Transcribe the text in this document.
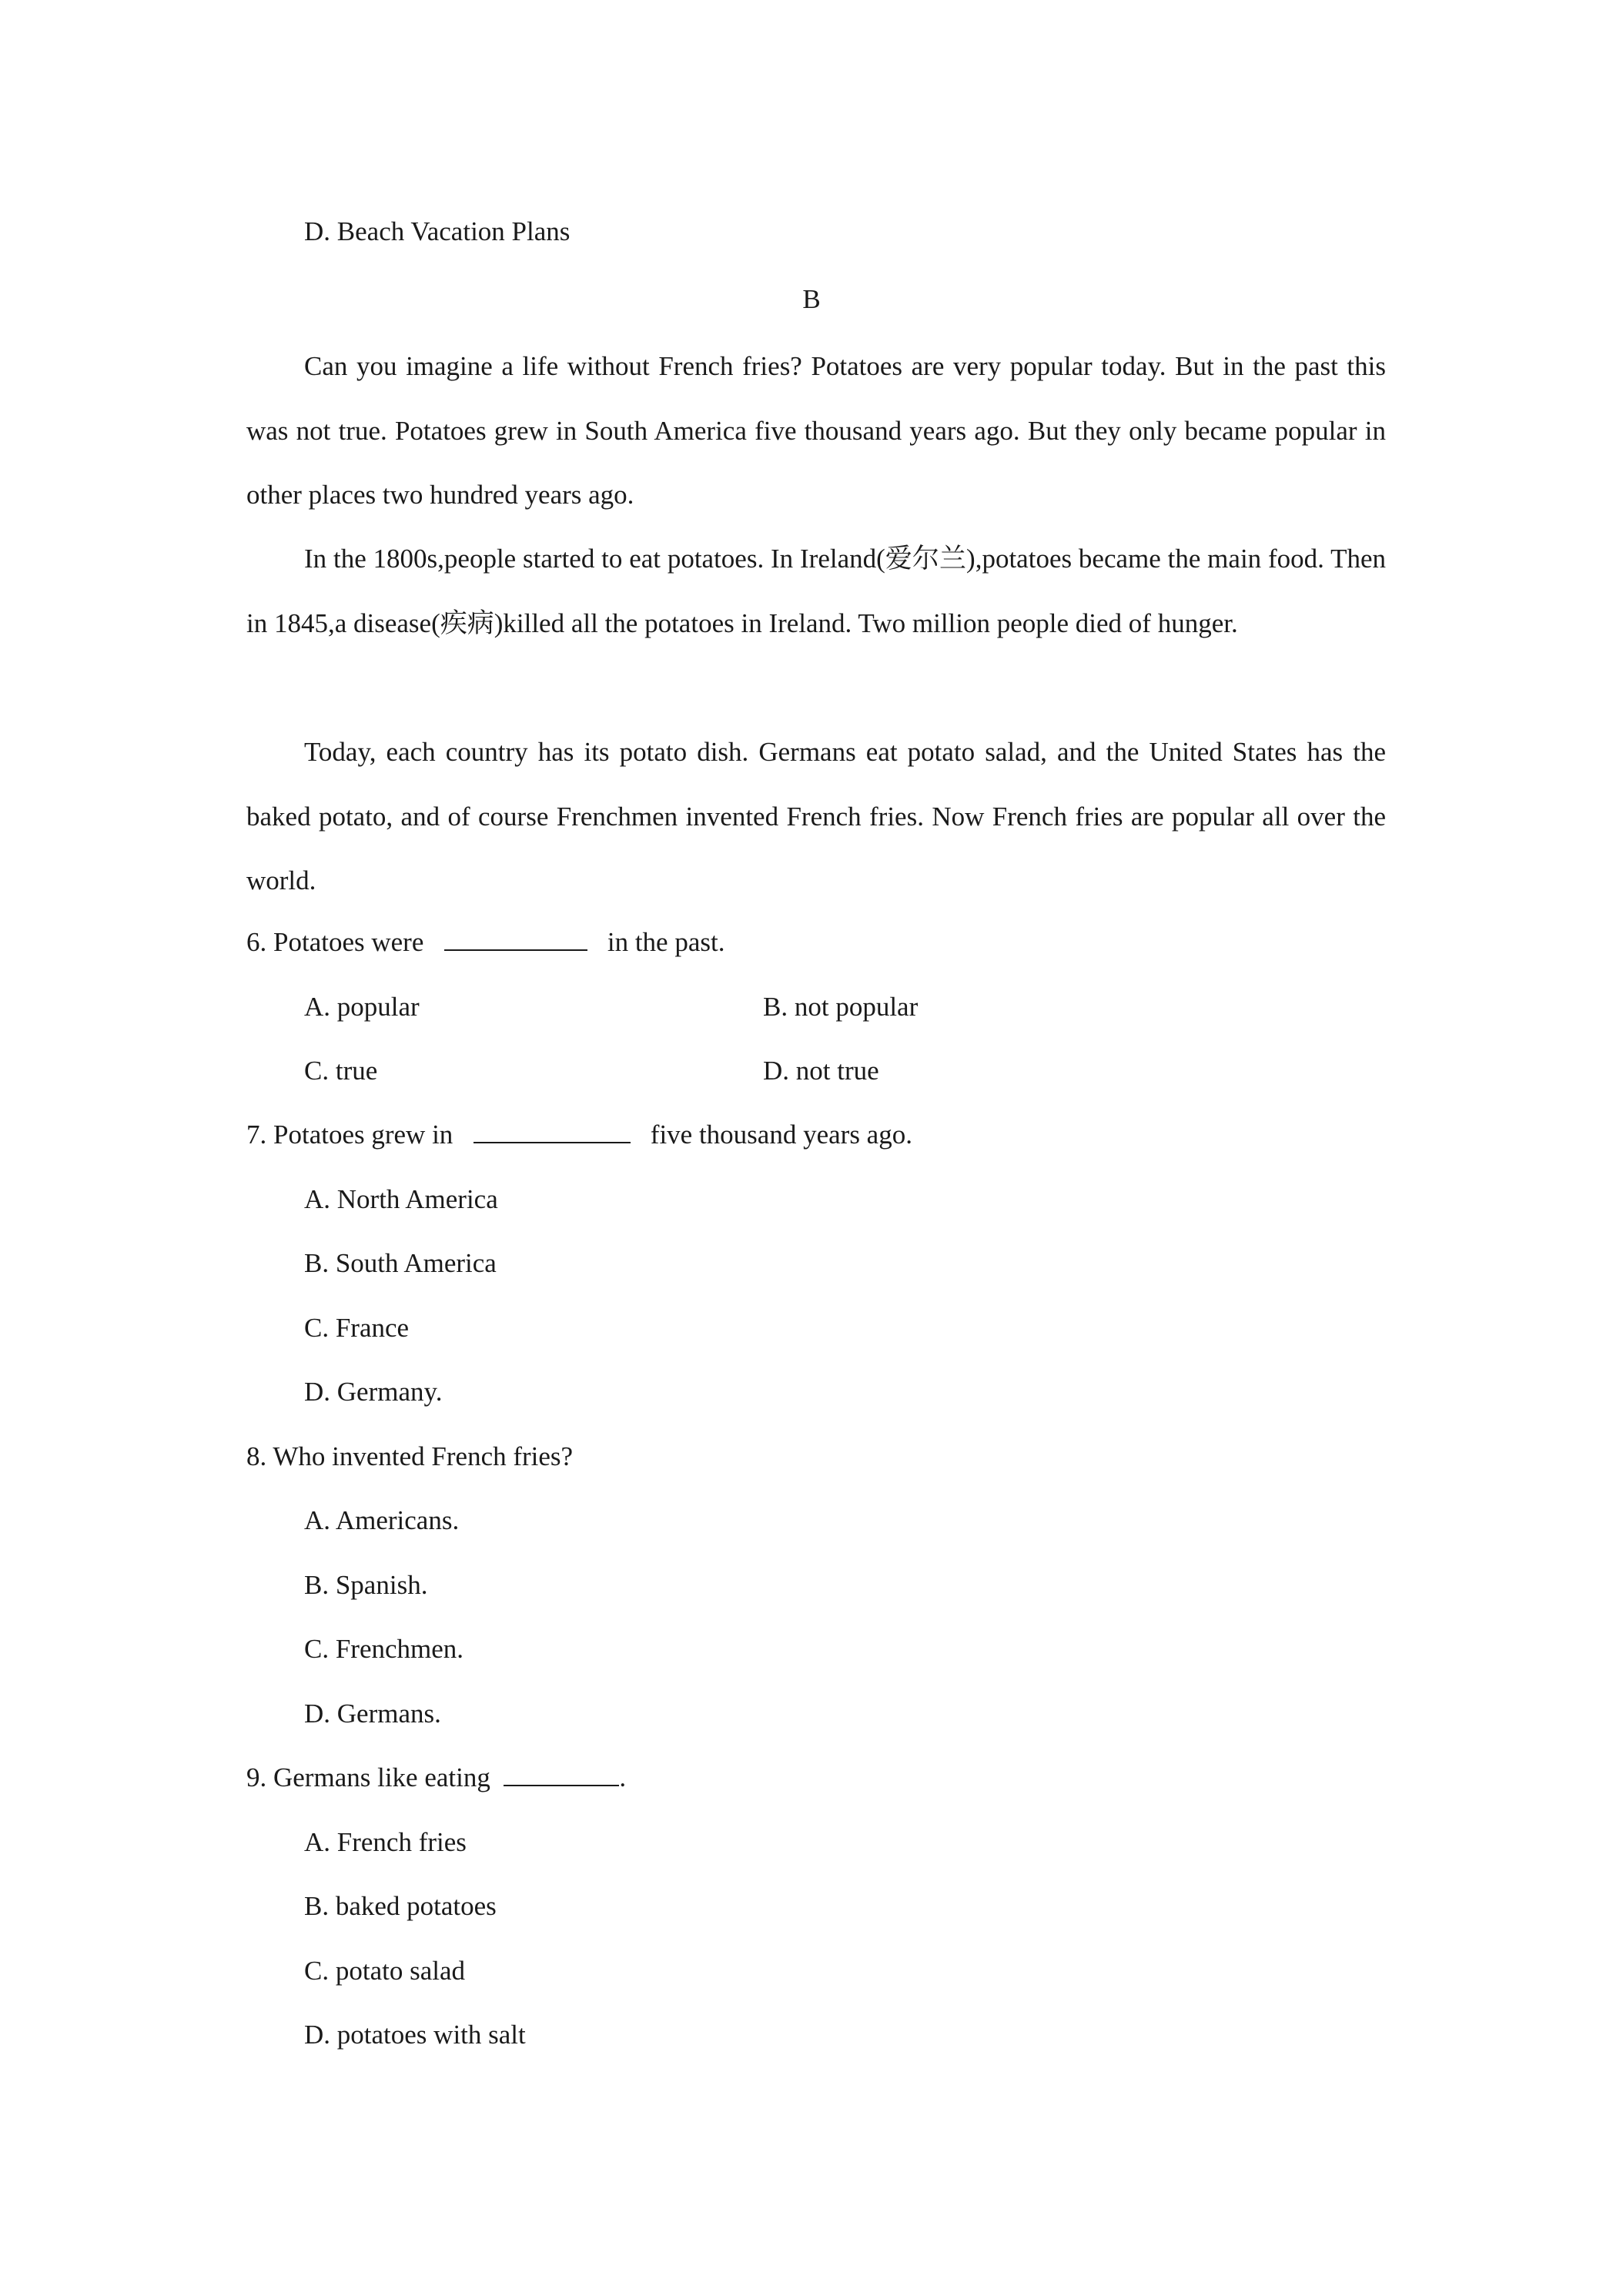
D. Beach Vacation Plans
B
Can you imagine a life without French fries? Potatoes are very popular today. But in the past this was not true. Potatoes grew in South America five thousand years ago. But they only became popular in other places two hundred years ago.
In the 1800s,people started to eat potatoes. In Ireland(爱尔兰),potatoes became the main food. Then in 1845,a disease(疾病)killed all the potatoes in Ireland. Two million people died of hunger.
Today, each country has its potato dish. Germans eat potato salad, and the United States has the baked potato, and of course Frenchmen invented French fries. Now French fries are popular all over the world.
6. Potatoes were	in the past.
A. popular	B. not popular
C. true	D. not true
7. Potatoes grew in	five thousand years ago.
A. North America
B. South America
C. France
D. Germany.
8. Who invented French fries?
A. Americans.
B. Spanish.
C. Frenchmen.
D. Germans.
9. Germans like eating	.
A. French fries
B. baked potatoes
C. potato salad
D. potatoes with salt
